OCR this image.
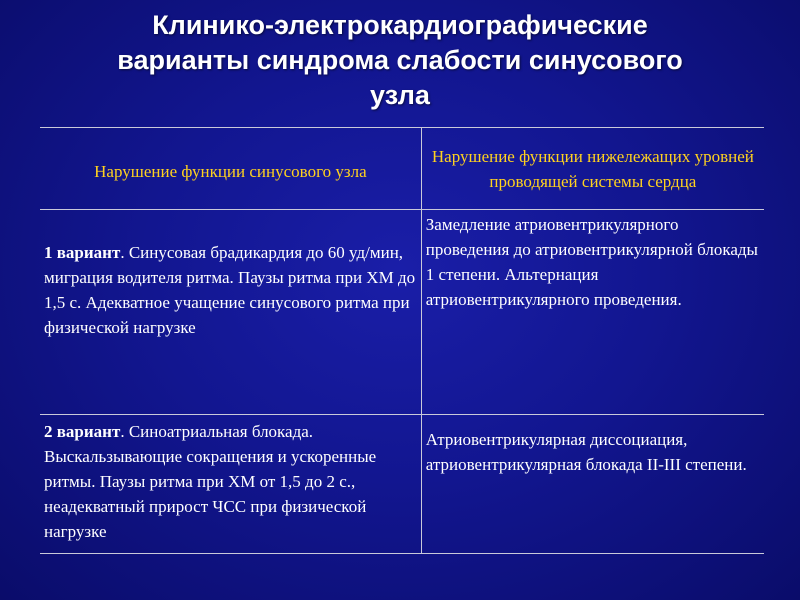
Клинико-электрокардиографические
варианты синдрома слабости синусового
узла
Нарушение функции синусового узла	Нарушение функции нижележащих уровней проводящей системы сердца
1 вариант. Синусовая брадикардия до 60 уд/мин, миграция водителя ритма. Паузы ритма при ХМ до 1,5 с. Адекватное учащение синусового ритма при физической нагрузке	Замедление атриовентрикулярного проведения до атриовентрикулярной блокады 1 степени. Альтернация атриовентрикулярного проведения.
2 вариант. Синоатриальная блокада. Выскальзывающие сокращения и ускоренные ритмы. Паузы ритма при ХМ от 1,5 до 2 с., неадекватный прирост ЧСС при физической нагрузке	Атриовентрикулярная диссоциация, атриовентрикулярная блокада II-III степени.
